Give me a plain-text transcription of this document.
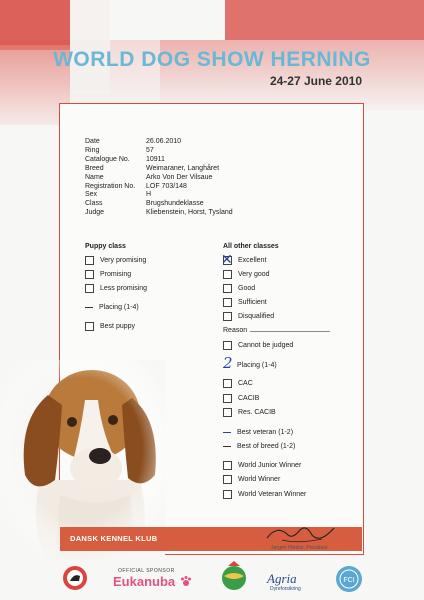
WORLD DOG SHOW HERNING
24-27 June 2010
Date	26.06.2010
Ring	57
Catalogue No.	10911
Breed	Weimaraner, Langhåret
Name	Arko Von Der Vilsaue
Registration No.	LOF 703/148
Sex	H
Class	Brugshundeklasse
Judge	Kliebenstein, Horst, Tysland
Puppy class
Very promising
Promising
Less promising
Placing (1-4)
Best puppy
All other classes
✕ Excellent
Very good
Good
Sufficient
Disqualified
Reason
Cannot be judged
2 Placing (1-4)
CAC
CACIB
Res. CACIB
Best veteran (1-2)
Best of breed (1-2)
World Junior Winner
World Winner
World Veteran Winner
DANSK KENNEL KLUB
Jørgen Hindse, President
OFFICIAL SPONSOR
Eukanuba	Agria
Dyreforsikring
FCI
